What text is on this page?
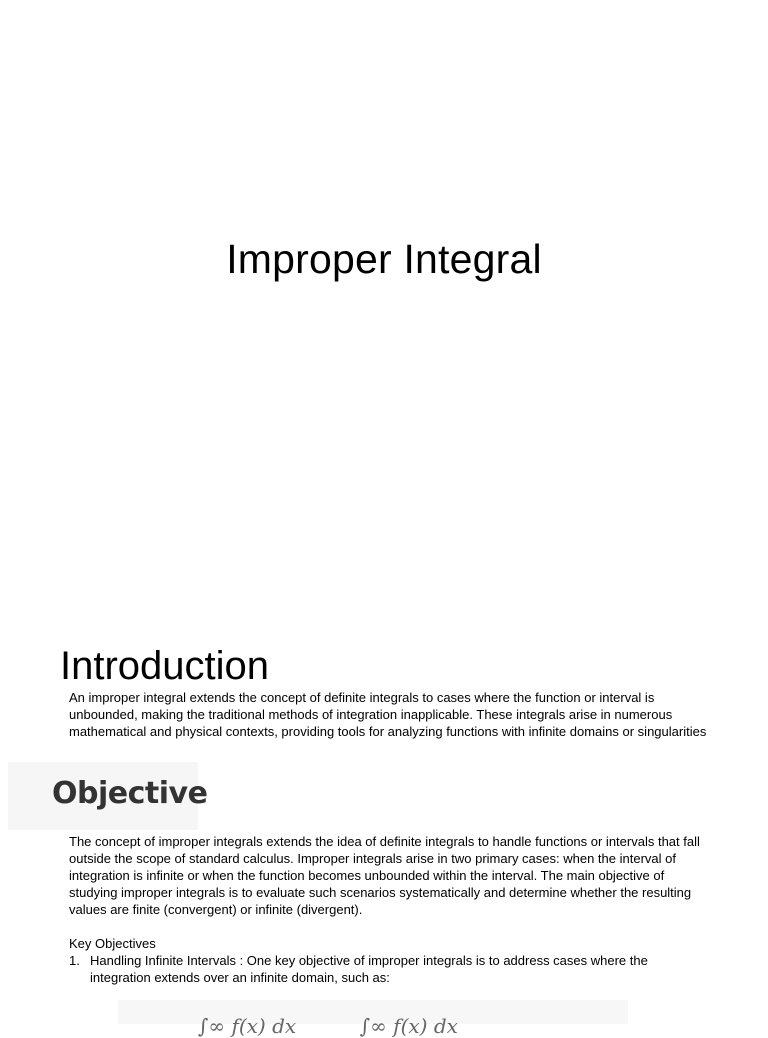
Improper Integral
Introduction

An improper integral extends the concept of definite integrals to cases where the function or interval is unbounded, making the traditional methods of integration inapplicable. These integrals arise in numerous mathematical and physical contexts, providing tools for analyzing functions with infinite domains or singularities

Objective

The concept of improper integrals extends the idea of definite integrals to handle functions or intervals that fall outside the scope of standard calculus. Improper integrals arise in two primary cases: when the interval of integration is infinite or when the function becomes unbounded within the interval. The main objective of studying improper integrals is to evaluate such scenarios systematically and determine whether the resulting values are finite (convergent) or infinite (divergent).

Key Objectives
1. Handling Infinite Intervals : One key objective of improper integrals is to address cases where the integration extends over an infinite domain, such as:
∫∞ f(x) dx          ∫∞ f(x) dx
